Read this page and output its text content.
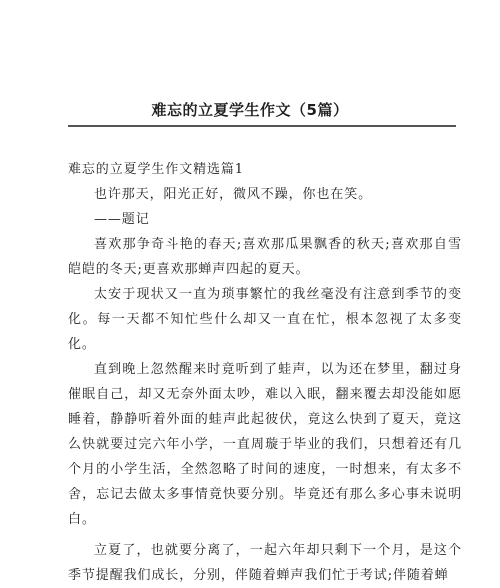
难忘的立夏学生作文（5篇）

难忘的立夏学生作文精选篇1

也许那天，阳光正好，微风不躁，你也在笑。

——题记

喜欢那争奇斗艳的春天;喜欢那瓜果飘香的秋天;喜欢那自雪皑皑的冬天;更喜欢那蝉声四起的夏天。

太安于现状又一直为琐事繁忙的我丝毫没有注意到季节的变化。每一天都不知忙些什么却又一直在忙，根本忽视了太多变化。

直到晚上忽然醒来时竟听到了蛙声，以为还在梦里，翻过身催眠自己，却又无奈外面太吵，难以入眠，翻来覆去却没能如愿睡着，静静听着外面的蛙声此起彼伏，竟这么快到了夏天，竟这么快就要过完六年小学，一直周璇于毕业的我们，只想着还有几个月的小学生活，全然忽略了时间的速度，一时想来，有太多不舍，忘记去做太多事情竟快要分别。毕竟还有那么多心事未说明白。

立夏了，也就要分离了，一起六年却只剩下一个月，是这个季节提醒我们成长，分别，伴随着蝉声我们忙于考试;伴随着蝉
